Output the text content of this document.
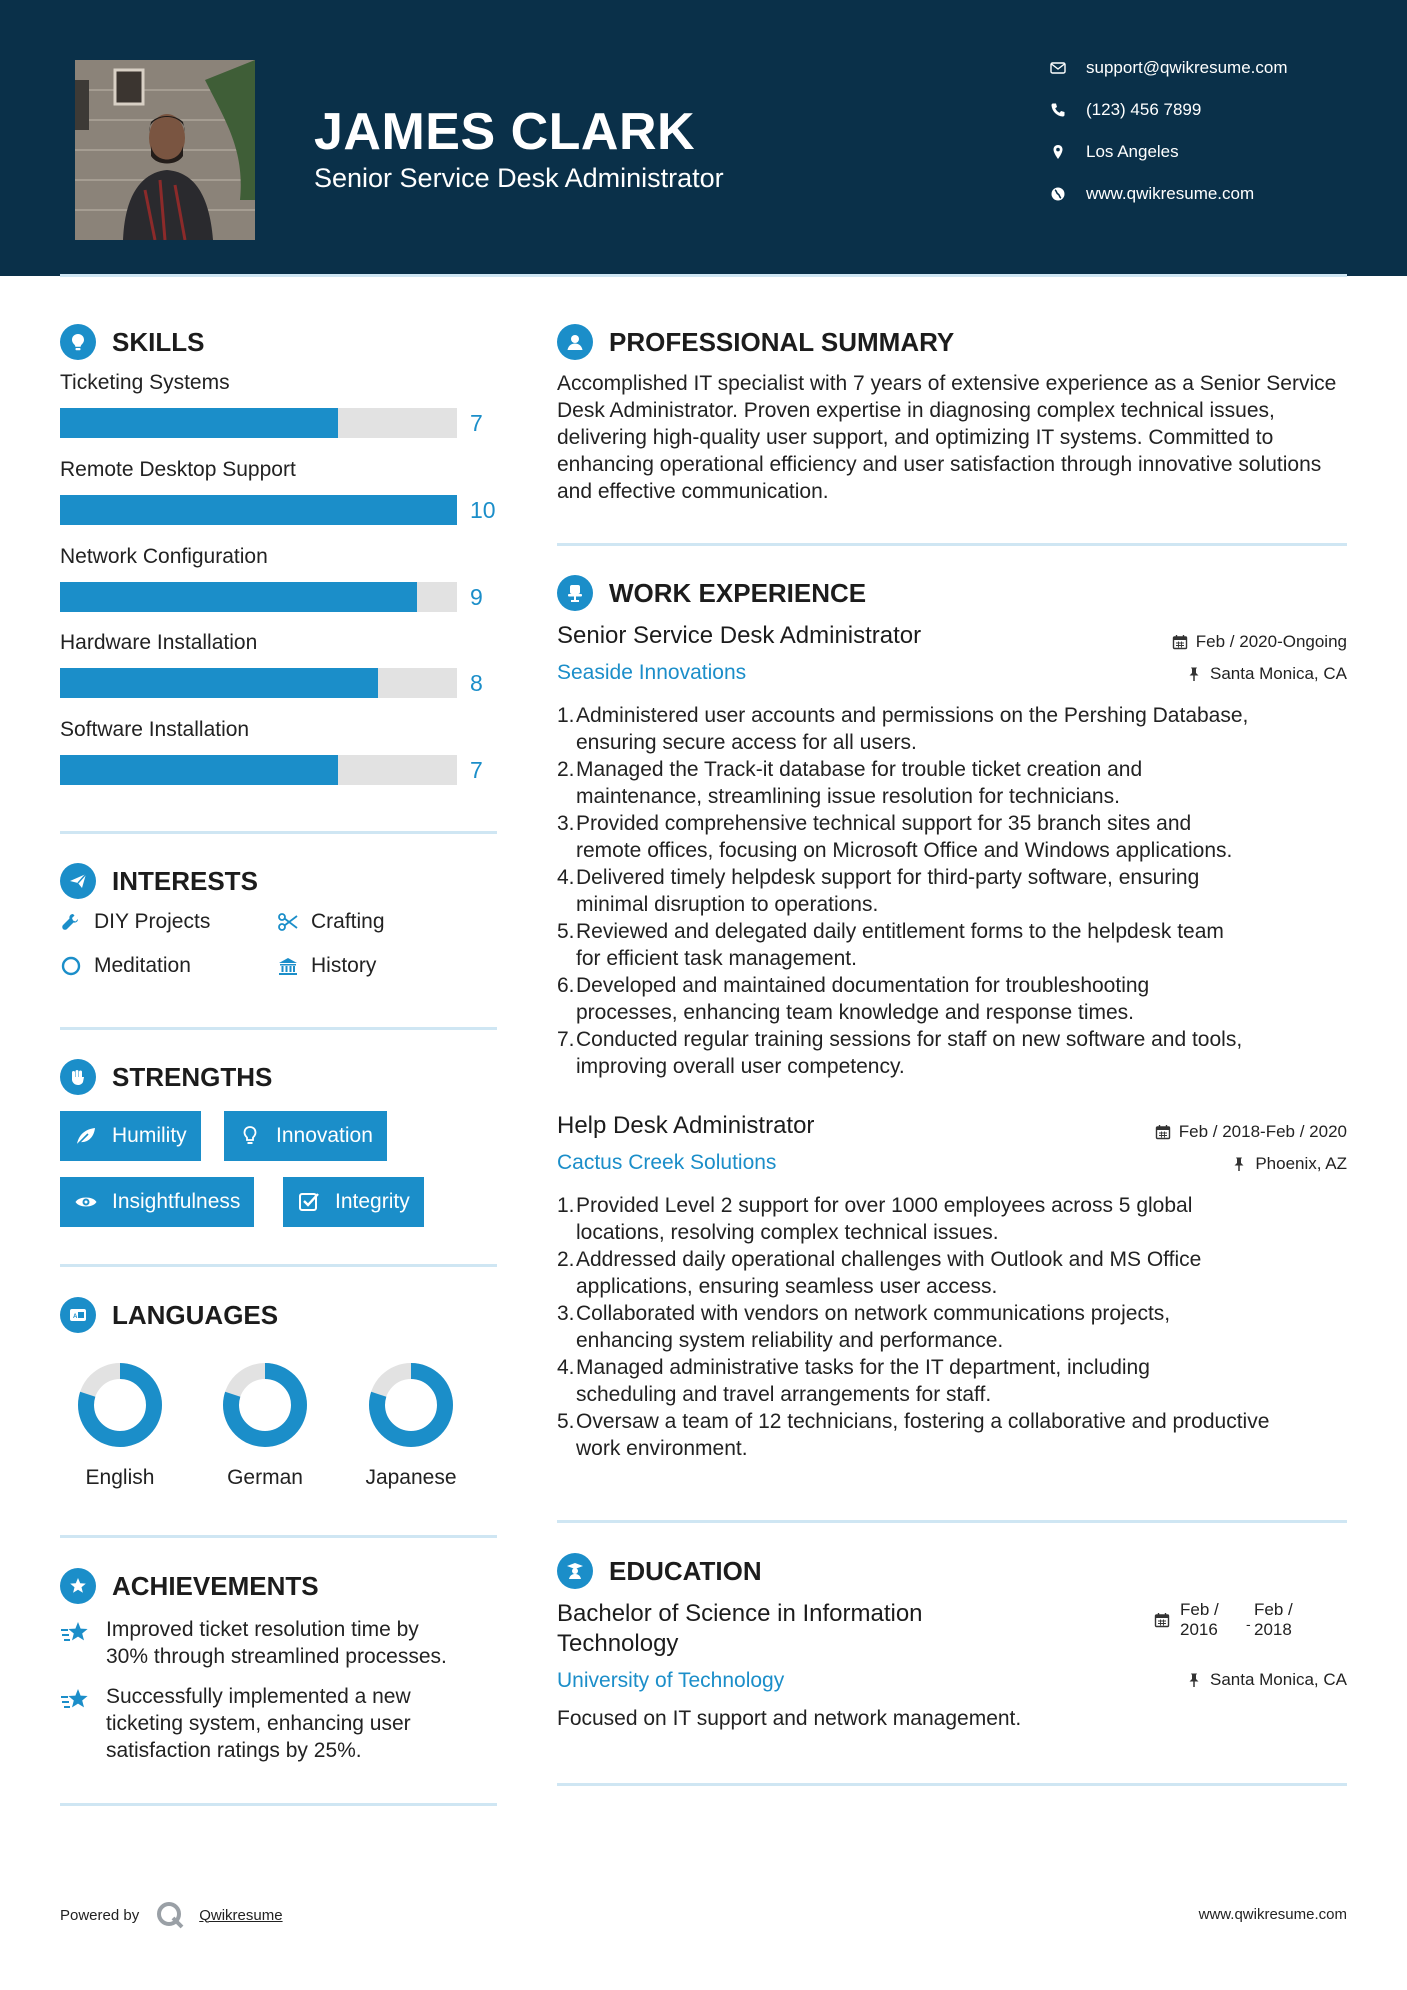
JAMES CLARK
Senior Service Desk Administrator
support@qwikresume.com
(123) 456 7899
Los Angeles
www.qwikresume.com
SKILLS
Ticketing Systems
7
Remote Desktop Support
10
Network Configuration
9
Hardware Installation
8
Software Installation
7
INTERESTS
DIY Projects	Crafting
Meditation	History
STRENGTHS
Humility	Innovation
Insightfulness	Integrity
A LANGUAGES
English	German	Japanese
ACHIEVEMENTS
Improved ticket resolution time by
30% through streamlined processes.
Successfully implemented a new
ticketing system, enhancing user
satisfaction ratings by 25%.
PROFESSIONAL SUMMARY
Accomplished IT specialist with 7 years of extensive experience as a Senior Service Desk Administrator. Proven expertise in diagnosing complex technical issues, delivering high-quality user support, and optimizing IT systems. Committed to enhancing operational efficiency and user satisfaction through innovative solutions and effective communication.
WORK EXPERIENCE
Senior Service Desk Administrator
Seaside Innovations
Feb / 2020-Ongoing
Santa Monica, CA
1. Administered user accounts and permissions on the Pershing Database,
ensuring secure access for all users.
2. Managed the Track-it database for trouble ticket creation and
maintenance, streamlining issue resolution for technicians.
3. Provided comprehensive technical support for 35 branch sites and
remote offices, focusing on Microsoft Office and Windows applications.
4. Delivered timely helpdesk support for third-party software, ensuring
minimal disruption to operations.
5. Reviewed and delegated daily entitlement forms to the helpdesk team
for efficient task management.
6. Developed and maintained documentation for troubleshooting
processes, enhancing team knowledge and response times.
7. Conducted regular training sessions for staff on new software and tools,
improving overall user competency.
Help Desk Administrator
Cactus Creek Solutions
Feb / 2018-Feb / 2020
Phoenix, AZ
1. Provided Level 2 support for over 1000 employees across 5 global
locations, resolving complex technical issues.
2. Addressed daily operational challenges with Outlook and MS Office
applications, ensuring seamless user access.
3. Collaborated with vendors on network communications projects,
enhancing system reliability and performance.
4. Managed administrative tasks for the IT department, including
scheduling and travel arrangements for staff.
5. Oversaw a team of 12 technicians, fostering a collaborative and productive
work environment.
EDUCATION
Bachelor of Science in Information
Technology
University of Technology
Feb /
2016	-
Feb /
2018
Santa Monica, CA
Focused on IT support and network management.
Powered by	Qwikresume	www.qwikresume.com
